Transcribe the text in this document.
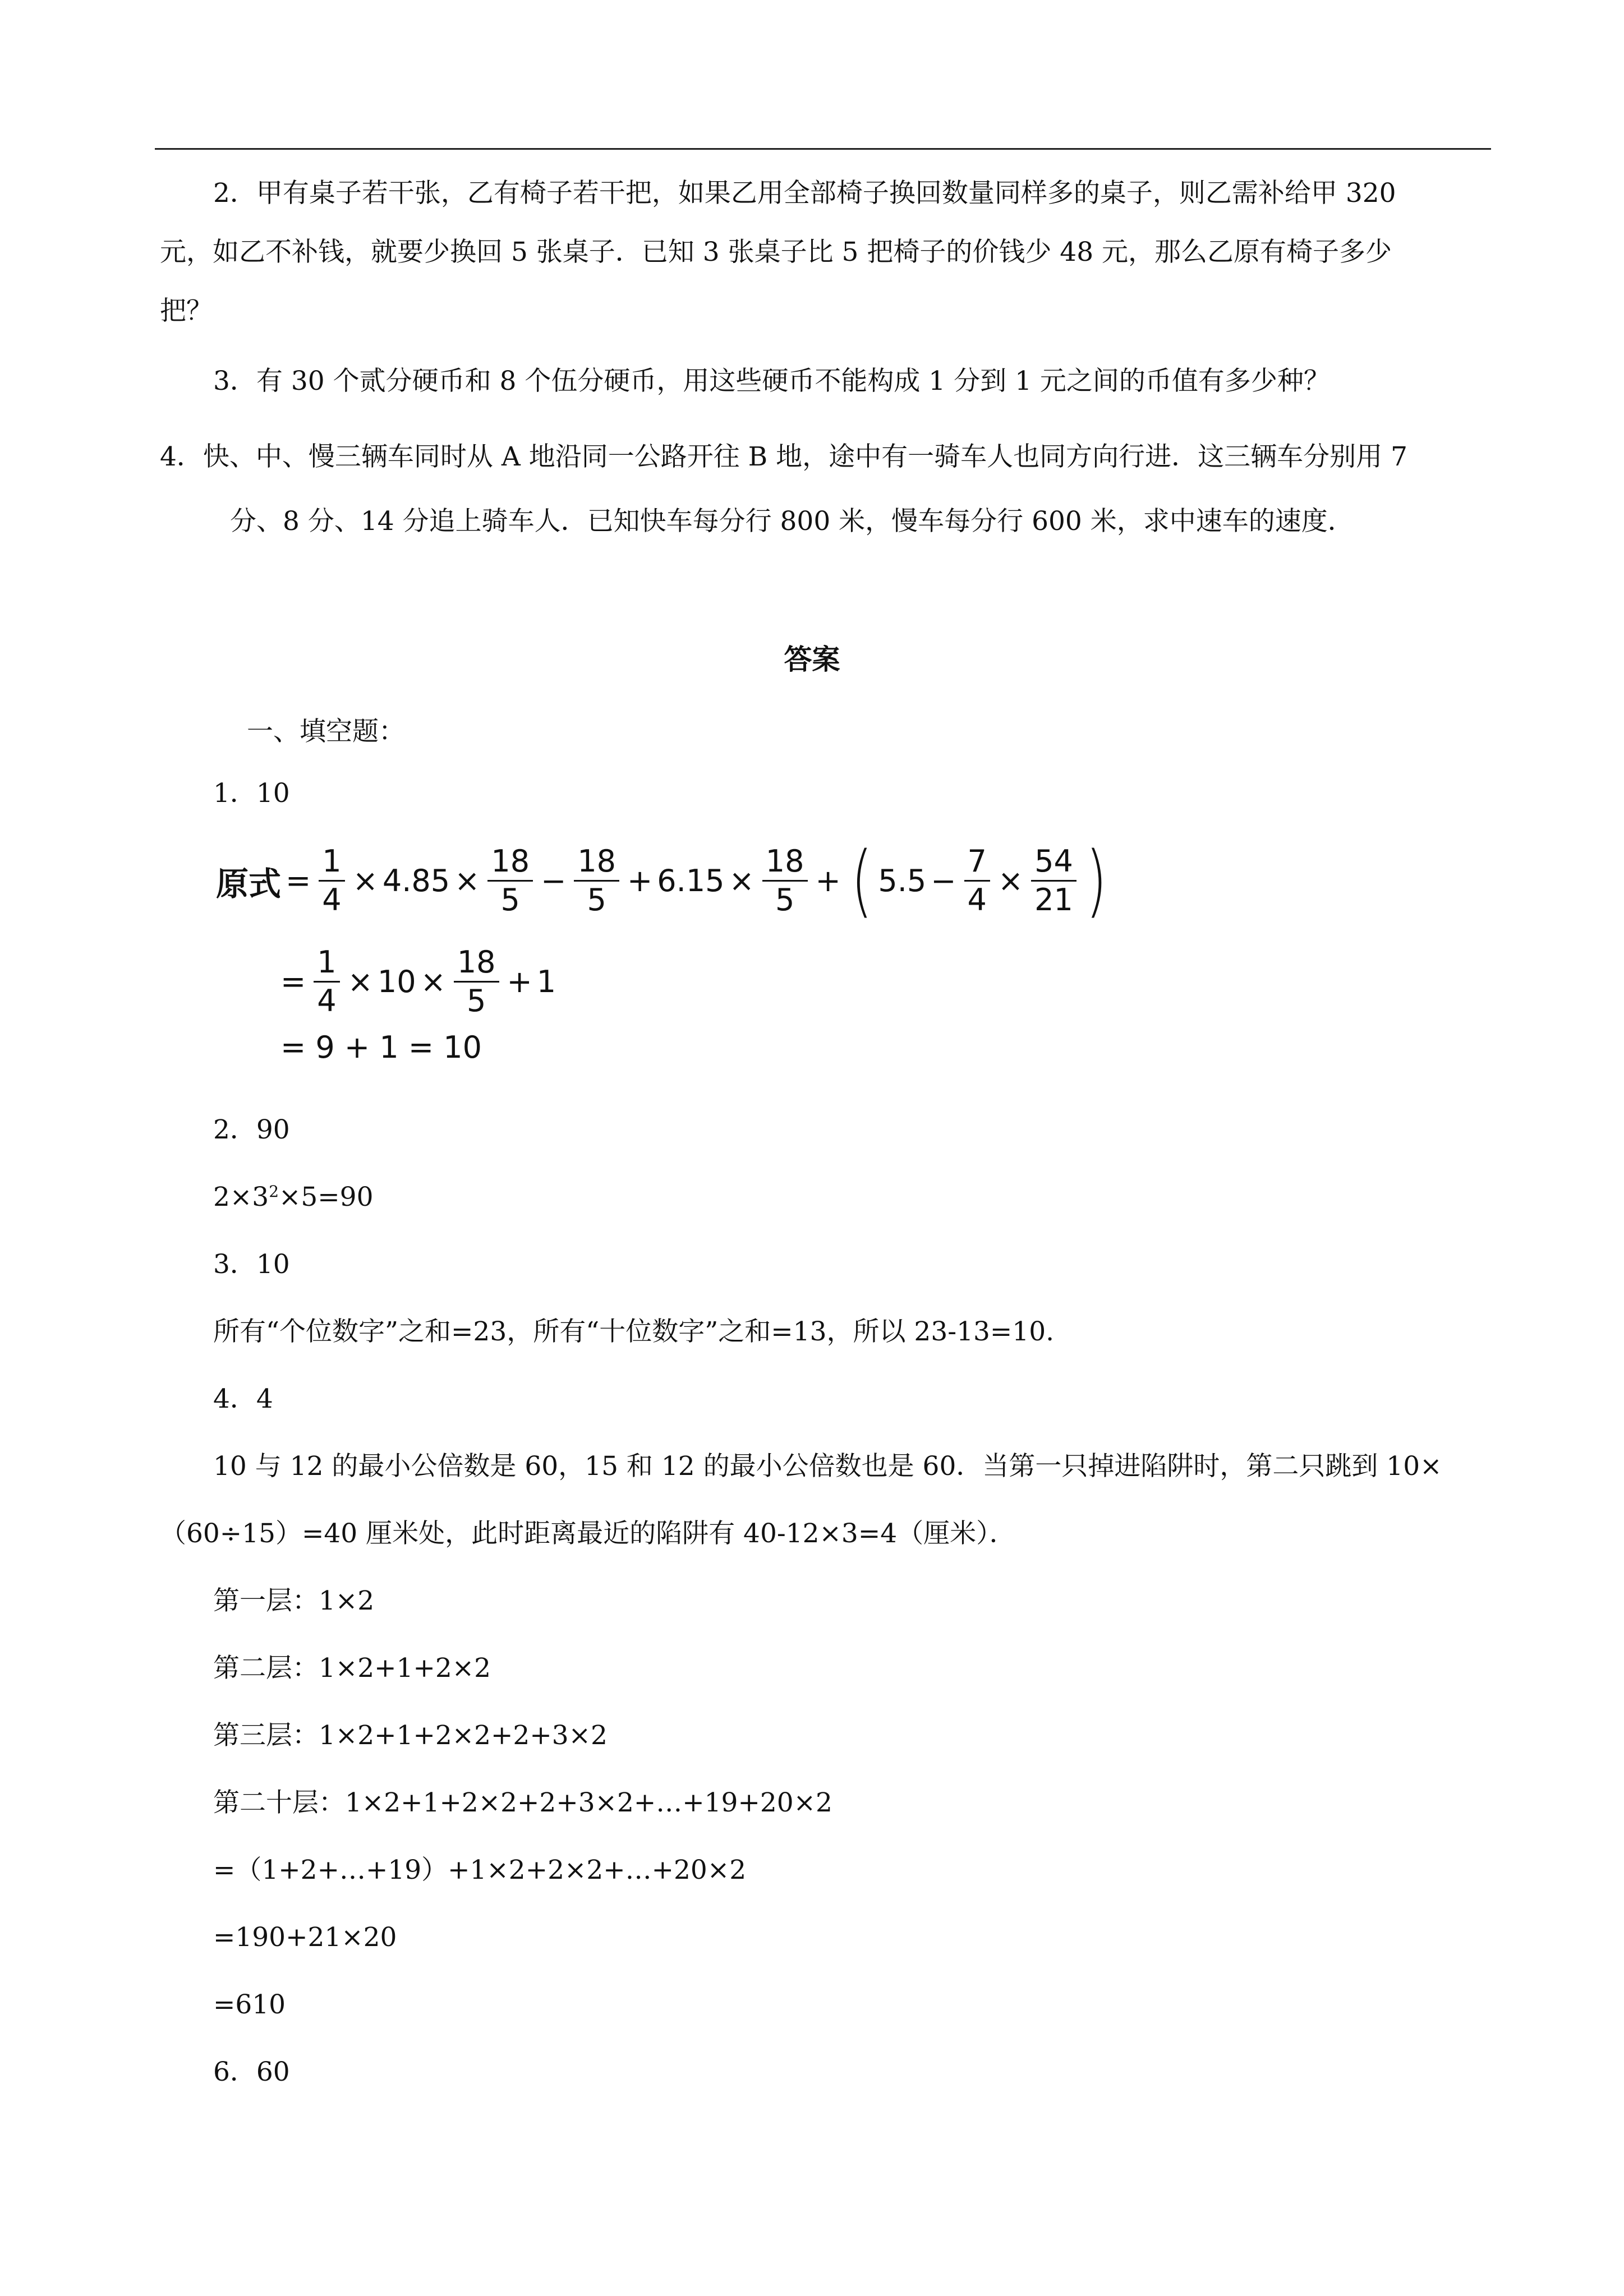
2．甲有桌子若干张，乙有椅子若干把，如果乙用全部椅子换回数量同样多的桌子，则乙需补给甲 320
元，如乙不补钱，就要少换回 5 张桌子．已知 3 张桌子比 5 把椅子的价钱少 48 元，那么乙原有椅子多少
把？
3．有 30 个贰分硬币和 8 个伍分硬币，用这些硬币不能构成 1 分到 1 元之间的币值有多少种？
4．快、中、慢三辆车同时从 A 地沿同一公路开往 B 地，途中有一骑车人也同方向行进．这三辆车分别用 7
分、8 分、14 分追上骑车人．已知快车每分行 800 米，慢车每分行 600 米，求中速车的速度．
答案
一、填空题：
1．10
原式 = $\frac{1}{4} \times 4.85 \times \frac{18}{5} - \frac{18}{5} + 6.15 \times \frac{18}{5}$ + ( $5.5 - \frac{7}{4} \times \frac{54}{21}$ )
= $\frac{1}{4} \times 10 \times \frac{18}{5} + 1$
= 9 + 1 = 10
2．90
$2\times 3^2\times 5=90$
3．10
所有“个位数字”之和=23，所有“十位数字”之和=13，所以 23-13=10.
4．4
10 与 12 的最小公倍数是 60，15 和 12 的最小公倍数也是 60．当第一只掉进陷阱时，第二只跳到 10×
（60÷15）=40 厘米处，此时距离最近的陷阱有 40-12×3=4（厘米）．
第一层：1×2
第二层：1×2+1+2×2
第三层：1×2+1+2×2+2+3×2
第二十层：1×2+1+2×2+2+3×2+…+19+20×2
=（1+2+…+19）+1×2+2×2+…+20×2
=190+21×20
=610
6．60
